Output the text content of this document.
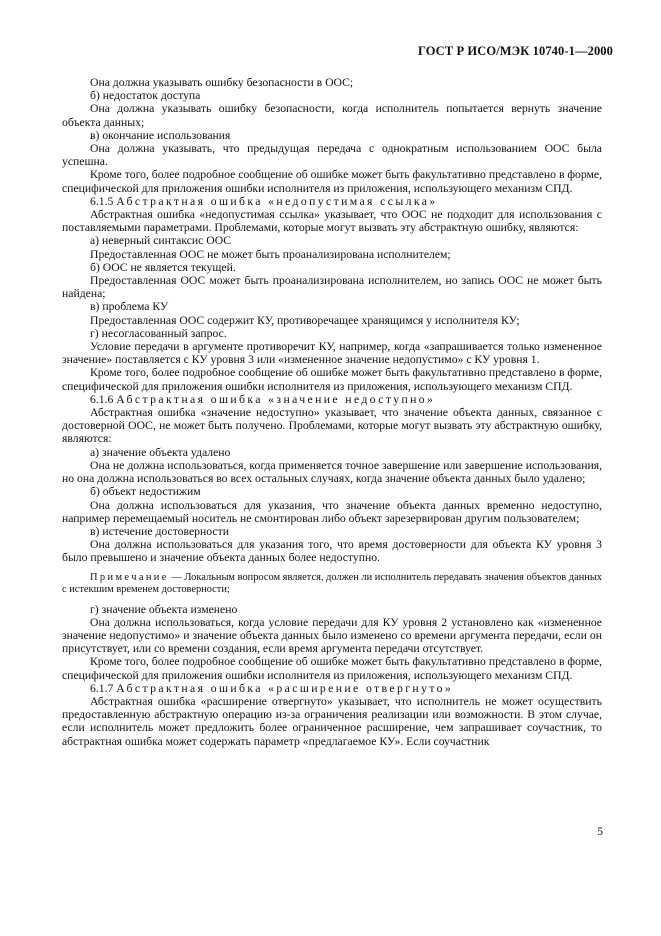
ГОСТ Р ИСО/МЭК 10740-1—2000

Она должна указывать ошибку безопасности в ООС;

б) недостаток доступа

Она должна указывать ошибку безопасности, когда исполнитель попытается вернуть значение объекта данных;

в) окончание использования

Она должна указывать, что предыдущая передача с однократным использованием ООС была успешна.

Кроме того, более подробное сообщение об ошибке может быть факультативно представлено в форме, специфической для приложения ошибки исполнителя из приложения, использующего механизм СПД.

6.1.5 Абстрактная ошибка «недопустимая ссылка»

Абстрактная ошибка «недопустимая ссылка» указывает, что ООС не подходит для использования с поставляемыми параметрами. Проблемами, которые могут вызвать эту абстрактную ошибку, являются:

а) неверный синтаксис ООС

Предоставленная ООС не может быть проанализирована исполнителем;

б) ООС не является текущей.

Предоставленная ООС может быть проанализирована исполнителем, но запись ООС не может быть найдена;

в) проблема КУ

Предоставленная ООС содержит КУ, противоречащее хранящимся у исполнителя КУ;

г) несогласованный запрос.

Условие передачи в аргументе противоречит КУ, например, когда «запрашивается только измененное значение» поставляется с КУ уровня 3 или «измененное значение недопустимо» с КУ уровня 1.

Кроме того, более подробное сообщение об ошибке может быть факультативно представлено в форме, специфической для приложения ошибки исполнителя из приложения, использующего механизм СПД.

6.1.6 Абстрактная ошибка «значение недоступно»

Абстрактная ошибка «значение недоступно» указывает, что значение объекта данных, связанное с достоверной ООС, не может быть получено. Проблемами, которые могут вызвать эту абстрактную ошибку, являются:

а) значение объекта удалено

Она не должна использоваться, когда применяется точное завершение или завершение использования, но она должна использоваться во всех остальных случаях, когда значение объекта данных было удалено;

б) объект недостижим

Она должна использоваться для указания, что значение объекта данных временно недоступно, например перемещаемый носитель не смонтирован либо объект зарезервирован другим пользователем;

в) истечение достоверности

Она должна использоваться для указания того, что время достоверности для объекта КУ уровня 3 было превышено и значение объекта данных более недоступно.

Примечание — Локальным вопросом является, должен ли исполнитель передавать значения объектов данных с истекшим временем достоверности;

г) значение объекта изменено

Она должна использоваться, когда условие передачи для КУ уровня 2 установлено как «измененное значение недопустимо» и значение объекта данных было изменено со времени аргумента передачи, если он присутствует, или со времени создания, если время аргумента передачи отсутствует.

Кроме того, более подробное сообщение об ошибке может быть факультативно представлено в форме, специфической для приложения ошибки исполнителя из приложения, использующего механизм СПД.

6.1.7 Абстрактная ошибка «расширение отвергнуто»

Абстрактная ошибка «расширение отвергнуто» указывает, что исполнитель не может осуществить предоставленную абстрактную операцию из-за ограничения реализации или возможности. В этом случае, если исполнитель может предложить более ограниченное расширение, чем запрашивает соучастник, то абстрактная ошибка может содержать параметр «предлагаемое КУ». Если соучастник

5
